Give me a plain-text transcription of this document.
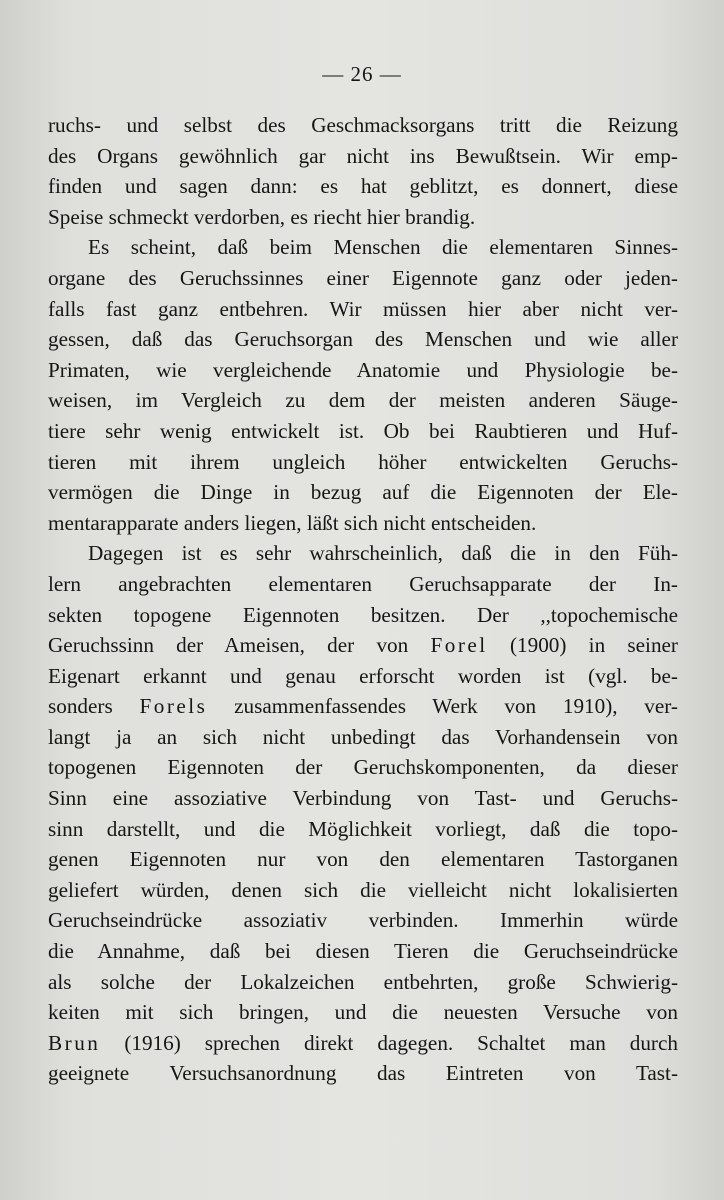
— 26 —
ruchs- und selbst des Geschmacksorgans tritt die Reizung
des Organs gewöhnlich gar nicht ins Bewußtsein. Wir emp-
finden und sagen dann: es hat geblitzt, es donnert, diese
Speise schmeckt verdorben, es riecht hier brandig.
Es scheint, daß beim Menschen die elementaren Sinnes-
organe des Geruchssinnes einer Eigennote ganz oder jeden-
falls fast ganz entbehren. Wir müssen hier aber nicht ver-
gessen, daß das Geruchsorgan des Menschen und wie aller
Primaten, wie vergleichende Anatomie und Physiologie be-
weisen, im Vergleich zu dem der meisten anderen Säuge-
tiere sehr wenig entwickelt ist. Ob bei Raubtieren und Huf-
tieren mit ihrem ungleich höher entwickelten Geruchs-
vermögen die Dinge in bezug auf die Eigennoten der Ele-
mentarapparate anders liegen, läßt sich nicht entscheiden.
Dagegen ist es sehr wahrscheinlich, daß die in den Füh-
lern angebrachten elementaren Geruchsapparate der In-
sekten topogene Eigennoten besitzen. Der ,,topochemische
Geruchssinn der Ameisen, der von Forel (1900) in seiner
Eigenart erkannt und genau erforscht worden ist (vgl. be-
sonders Forels zusammenfassendes Werk von 1910), ver-
langt ja an sich nicht unbedingt das Vorhandensein von
topogenen Eigennoten der Geruchskomponenten, da dieser
Sinn eine assoziative Verbindung von Tast- und Geruchs-
sinn darstellt, und die Möglichkeit vorliegt, daß die topo-
genen Eigennoten nur von den elementaren Tastorganen
geliefert würden, denen sich die vielleicht nicht lokalisierten
Geruchseindrücke assoziativ verbinden. Immerhin würde
die Annahme, daß bei diesen Tieren die Geruchseindrücke
als solche der Lokalzeichen entbehrten, große Schwierig-
keiten mit sich bringen, und die neuesten Versuche von
Brun (1916) sprechen direkt dagegen. Schaltet man durch
geeignete Versuchsanordnung das Eintreten von Tast-
